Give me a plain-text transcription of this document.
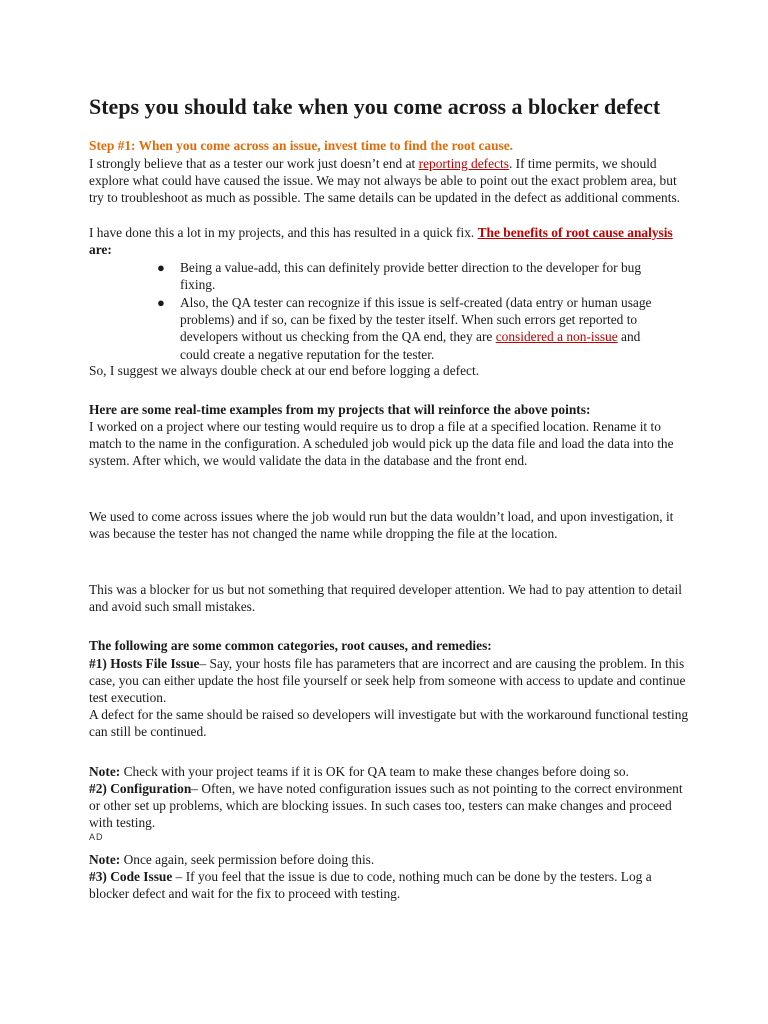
Steps you should take when you come across a blocker defect

Step #1: When you come across an issue, invest time to find the root cause.

I strongly believe that as a tester our work just doesn’t end at reporting defects. If time permits, we should explore what could have caused the issue. We may not always be able to point out the exact problem area, but try to troubleshoot as much as possible. The same details can be updated in the defect as additional comments.

I have done this a lot in my projects, and this has resulted in a quick fix. The benefits of root cause analysis are:

● Being a value-add, this can definitely provide better direction to the developer for bug fixing.
● Also, the QA tester can recognize if this issue is self-created (data entry or human usage problems) and if so, can be fixed by the tester itself. When such errors get reported to developers without us checking from the QA end, they are considered a non-issue and could create a negative reputation for the tester.

So, I suggest we always double check at our end before logging a defect.

Here are some real-time examples from my projects that will reinforce the above points:

I worked on a project where our testing would require us to drop a file at a specified location. Rename it to match to the name in the configuration. A scheduled job would pick up the data file and load the data into the system. After which, we would validate the data in the database and the front end.

We used to come across issues where the job would run but the data wouldn’t load, and upon investigation, it was because the tester has not changed the name while dropping the file at the location.

This was a blocker for us but not something that required developer attention. We had to pay attention to detail and avoid such small mistakes.

The following are some common categories, root causes, and remedies:

#1) Hosts File Issue– Say, your hosts file has parameters that are incorrect and are causing the problem. In this case, you can either update the host file yourself or seek help from someone with access to update and continue test execution.

A defect for the same should be raised so developers will investigate but with the workaround functional testing can still be continued.

Note: Check with your project teams if it is OK for QA team to make these changes before doing so.

#2) Configuration– Often, we have noted configuration issues such as not pointing to the correct environment or other set up problems, which are blocking issues. In such cases too, testers can make changes and proceed with testing.

AD

Note: Once again, seek permission before doing this.

#3) Code Issue – If you feel that the issue is due to code, nothing much can be done by the testers. Log a blocker defect and wait for the fix to proceed with testing.
